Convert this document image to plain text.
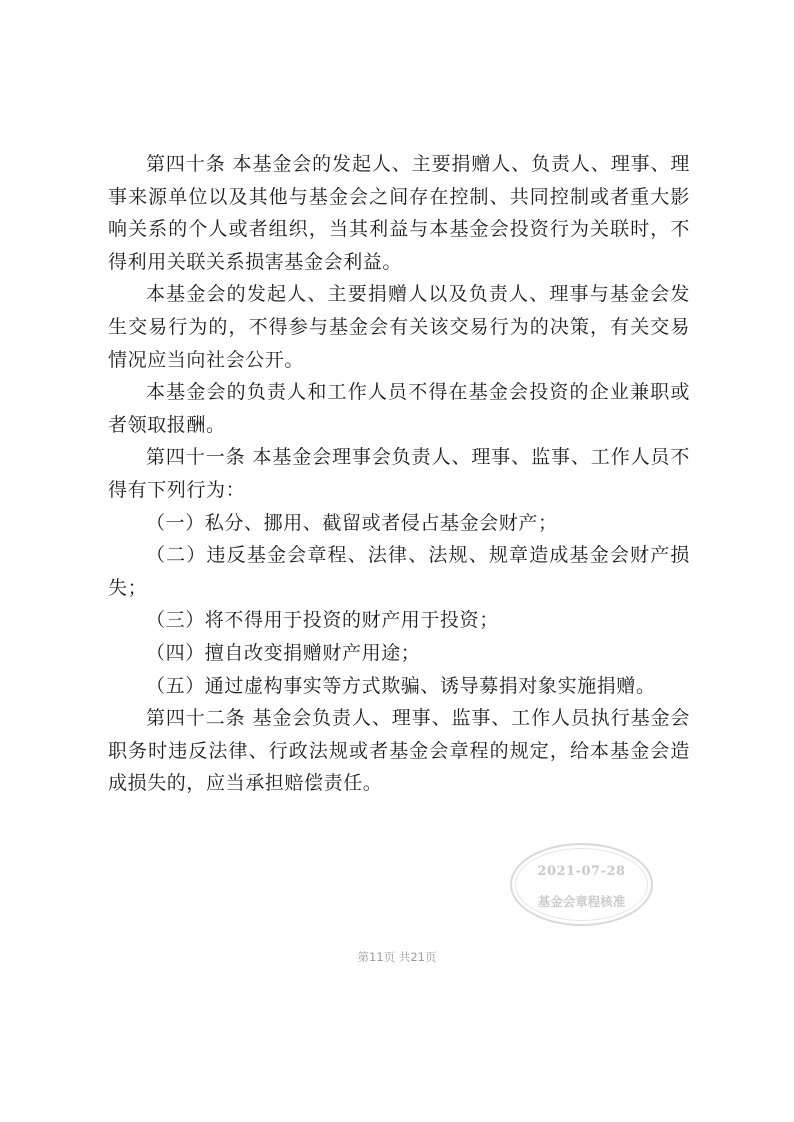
第四十条 本基金会的发起人、主要捐赠人、负责人、理事、理事来源单位以及其他与基金会之间存在控制、共同控制或者重大影响关系的个人或者组织，当其利益与本基金会投资行为关联时，不得利用关联关系损害基金会利益。

本基金会的发起人、主要捐赠人以及负责人、理事与基金会发生交易行为的，不得参与基金会有关该交易行为的决策，有关交易情况应当向社会公开。

本基金会的负责人和工作人员不得在基金会投资的企业兼职或者领取报酬。

第四十一条 本基金会理事会负责人、理事、监事、工作人员不得有下列行为：

（一）私分、挪用、截留或者侵占基金会财产；

（二）违反基金会章程、法律、法规、规章造成基金会财产损失；

（三）将不得用于投资的财产用于投资；

（四）擅自改变捐赠财产用途；

（五）通过虚构事实等方式欺骗、诱导募捐对象实施捐赠。

第四十二条 基金会负责人、理事、监事、工作人员执行基金会职务时违反法律、行政法规或者基金会章程的规定，给本基金会造成损失的，应当承担赔偿责任。

2021-07-28
基金会章程核准
第11页 共21页
